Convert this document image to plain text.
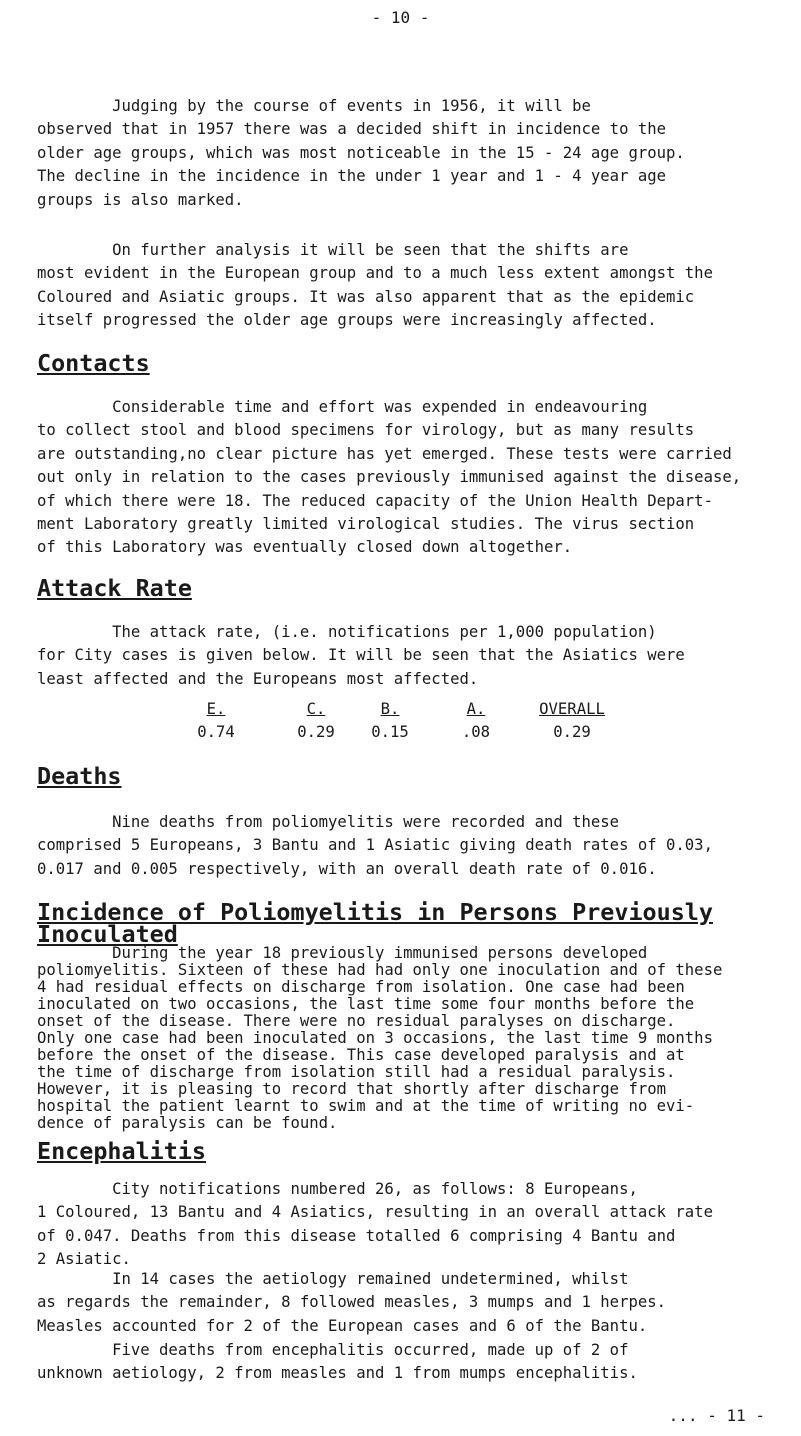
- 10 -

Judging by the course of events in 1956, it will be
observed that in 1957 there was a decided shift in incidence to the
older age groups, which was most noticeable in the 15 - 24 age group.
The decline in the incidence in the under 1 year and 1 - 4 year age
groups is also marked.

On further analysis it will be seen that the shifts are
most evident in the European group and to a much less extent amongst the
Coloured and Asiatic groups. It was also apparent that as the epidemic
itself progressed the older age groups were increasingly affected.

Contacts

Considerable time and effort was expended in endeavouring
to collect stool and blood specimens for virology, but as many results
are outstanding,no clear picture has yet emerged. These tests were carried
out only in relation to the cases previously immunised against the disease,
of which there were 18. The reduced capacity of the Union Health Depart-
ment Laboratory greatly limited virological studies. The virus section
of this Laboratory was eventually closed down altogether.

Attack Rate

The attack rate, (i.e. notifications per 1,000 population)
for City cases is given below. It will be seen that the Asiatics were
least affected and the Europeans most affected.

E.
0.74
C.
0.29
B.
0.15
A.
.08
OVERALL
0.29
Deaths

Nine deaths from poliomyelitis were recorded and these
comprised 5 Europeans, 3 Bantu and 1 Asiatic giving death rates of 0.03,
0.017 and 0.005 respectively, with an overall death rate of 0.016.

Incidence of Poliomyelitis in Persons Previously Inoculated

During the year 18 previously immunised persons developed
poliomyelitis. Sixteen of these had had only one inoculation and of these
4 had residual effects on discharge from isolation. One case had been
inoculated on two occasions, the last time some four months before the
onset of the disease. There were no residual paralyses on discharge.
Only one case had been inoculated on 3 occasions, the last time 9 months
before the onset of the disease. This case developed paralysis and at
the time of discharge from isolation still had a residual paralysis.
However, it is pleasing to record that shortly after discharge from
hospital the patient learnt to swim and at the time of writing no evi-
dence of paralysis can be found.

Encephalitis

City notifications numbered 26, as follows: 8 Europeans,
1 Coloured, 13 Bantu and 4 Asiatics, resulting in an overall attack rate
of 0.047. Deaths from this disease totalled 6 comprising 4 Bantu and
2 Asiatic.

In 14 cases the aetiology remained undetermined, whilst
as regards the remainder, 8 followed measles, 3 mumps and 1 herpes.
Measles accounted for 2 of the European cases and 6 of the Bantu.

... - 11 -

Five deaths from encephalitis occurred, made up of 2 of
unknown aetiology, 2 from measles and 1 from mumps encephalitis.
